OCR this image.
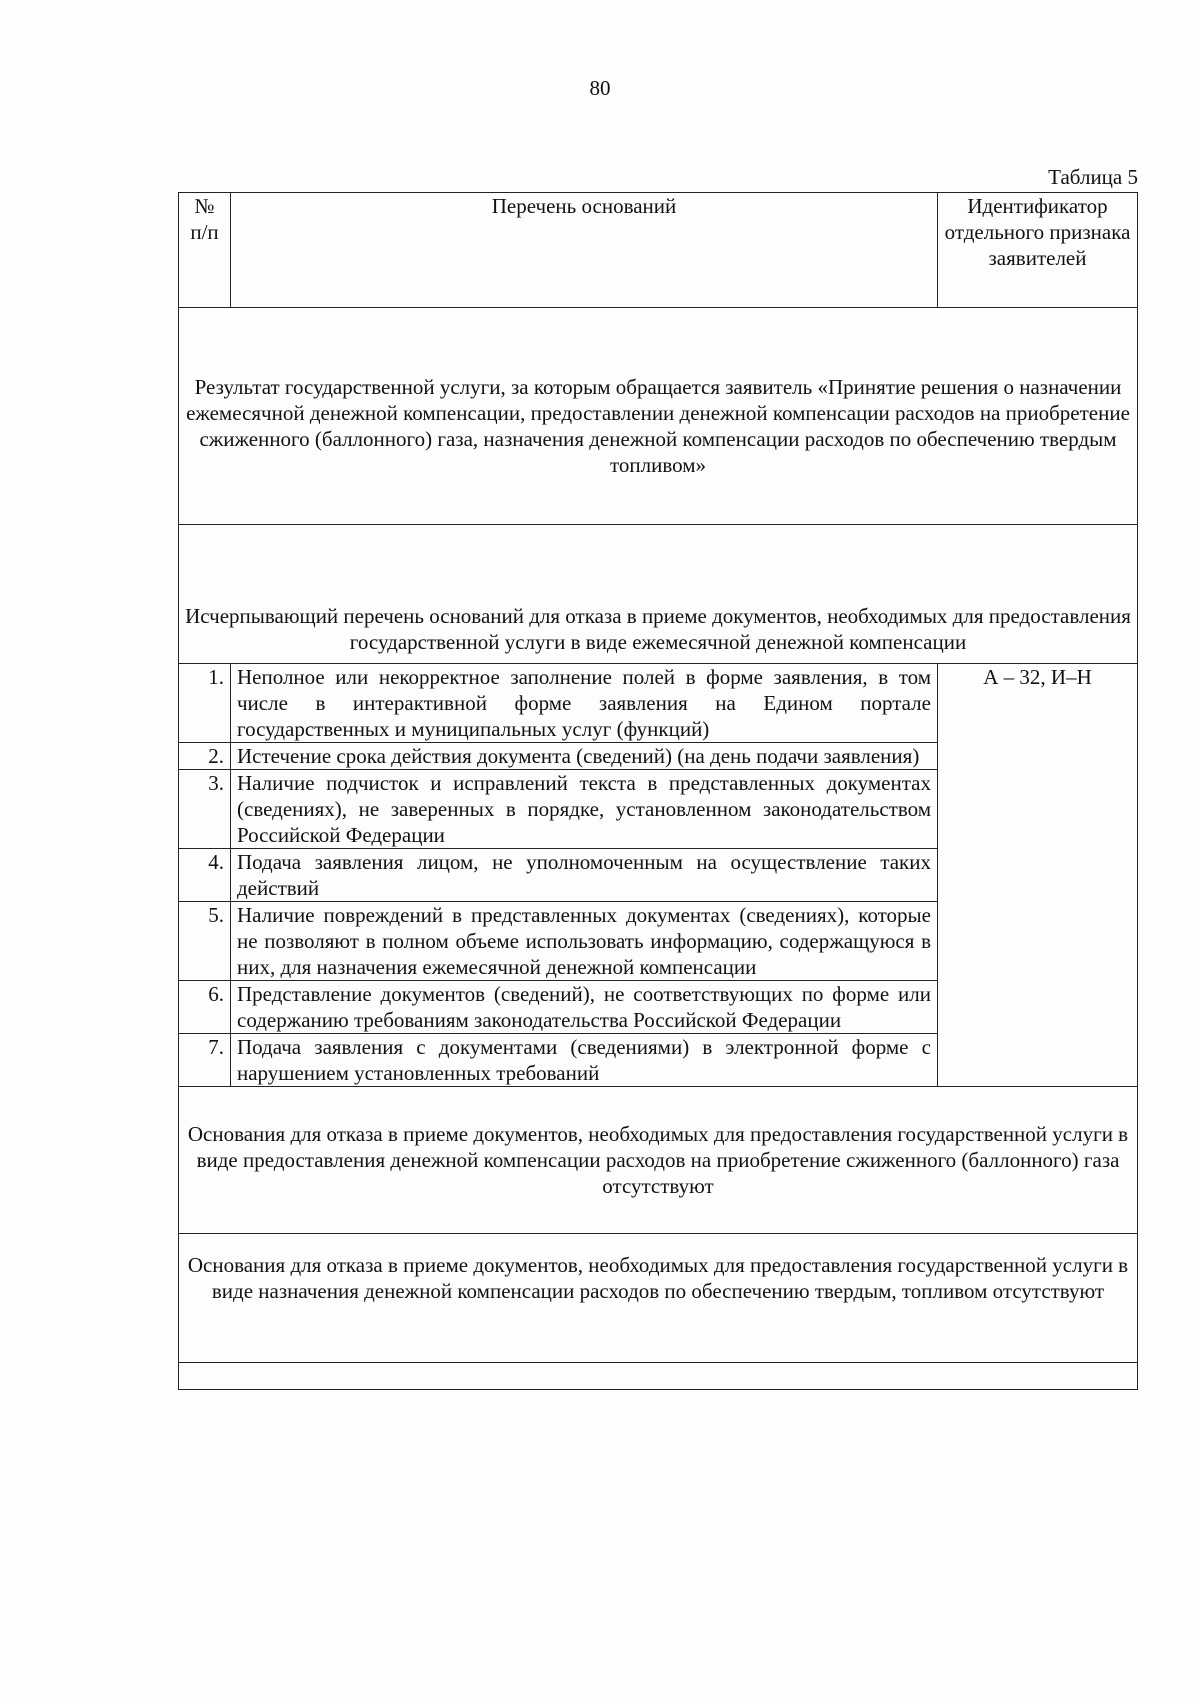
80
Таблица 5
№ п/п	Перечень оснований	Идентификатор отдельного признака заявителей
Результат государственной услуги, за которым обращается заявитель «Принятие решения о назначении ежемесячной денежной компенсации, предоставлении денежной компенсации расходов на приобретение сжиженного (баллонного) газа, назначения денежной компенсации расходов по обеспечению твердым топливом»		
Исчерпывающий перечень оснований для отказа в приеме документов, необходимых для предоставления государственной услуги в виде ежемесячной денежной компенсации		
1.	Неполное или некорректное заполнение полей в форме заявления, в том числе в интерактивной форме заявления на Едином портале государственных и муниципальных услуг (функций)	А – 32, И–Н
2.	Истечение срока действия документа (сведений) (на день подачи заявления)	
3.	Наличие подчисток и исправлений текста в представленных документах (сведениях), не заверенных в порядке, установленном законодательством Российской Федерации	
4.	Подача заявления лицом, не уполномоченным на осуществление таких действий	
5.	Наличие повреждений в представленных документах (сведениях), которые не позволяют в полном объеме использовать информацию, содержащуюся в них, для назначения ежемесячной денежной компенсации	
6.	Представление документов (сведений), не соответствующих по форме или содержанию требованиям законодательства Российской Федерации	
7.	Подача заявления с документами (сведениями) в электронной форме с нарушением установленных требований	
Основания для отказа в приеме документов, необходимых для предоставления государственной услуги в виде предоставления денежной компенсации расходов на приобретение сжиженного (баллонного) газа отсутствуют		
Основания для отказа в приеме документов, необходимых для предоставления государственной услуги в виде назначения денежной компенсации расходов по обеспечению твердым, топливом отсутствуют		
